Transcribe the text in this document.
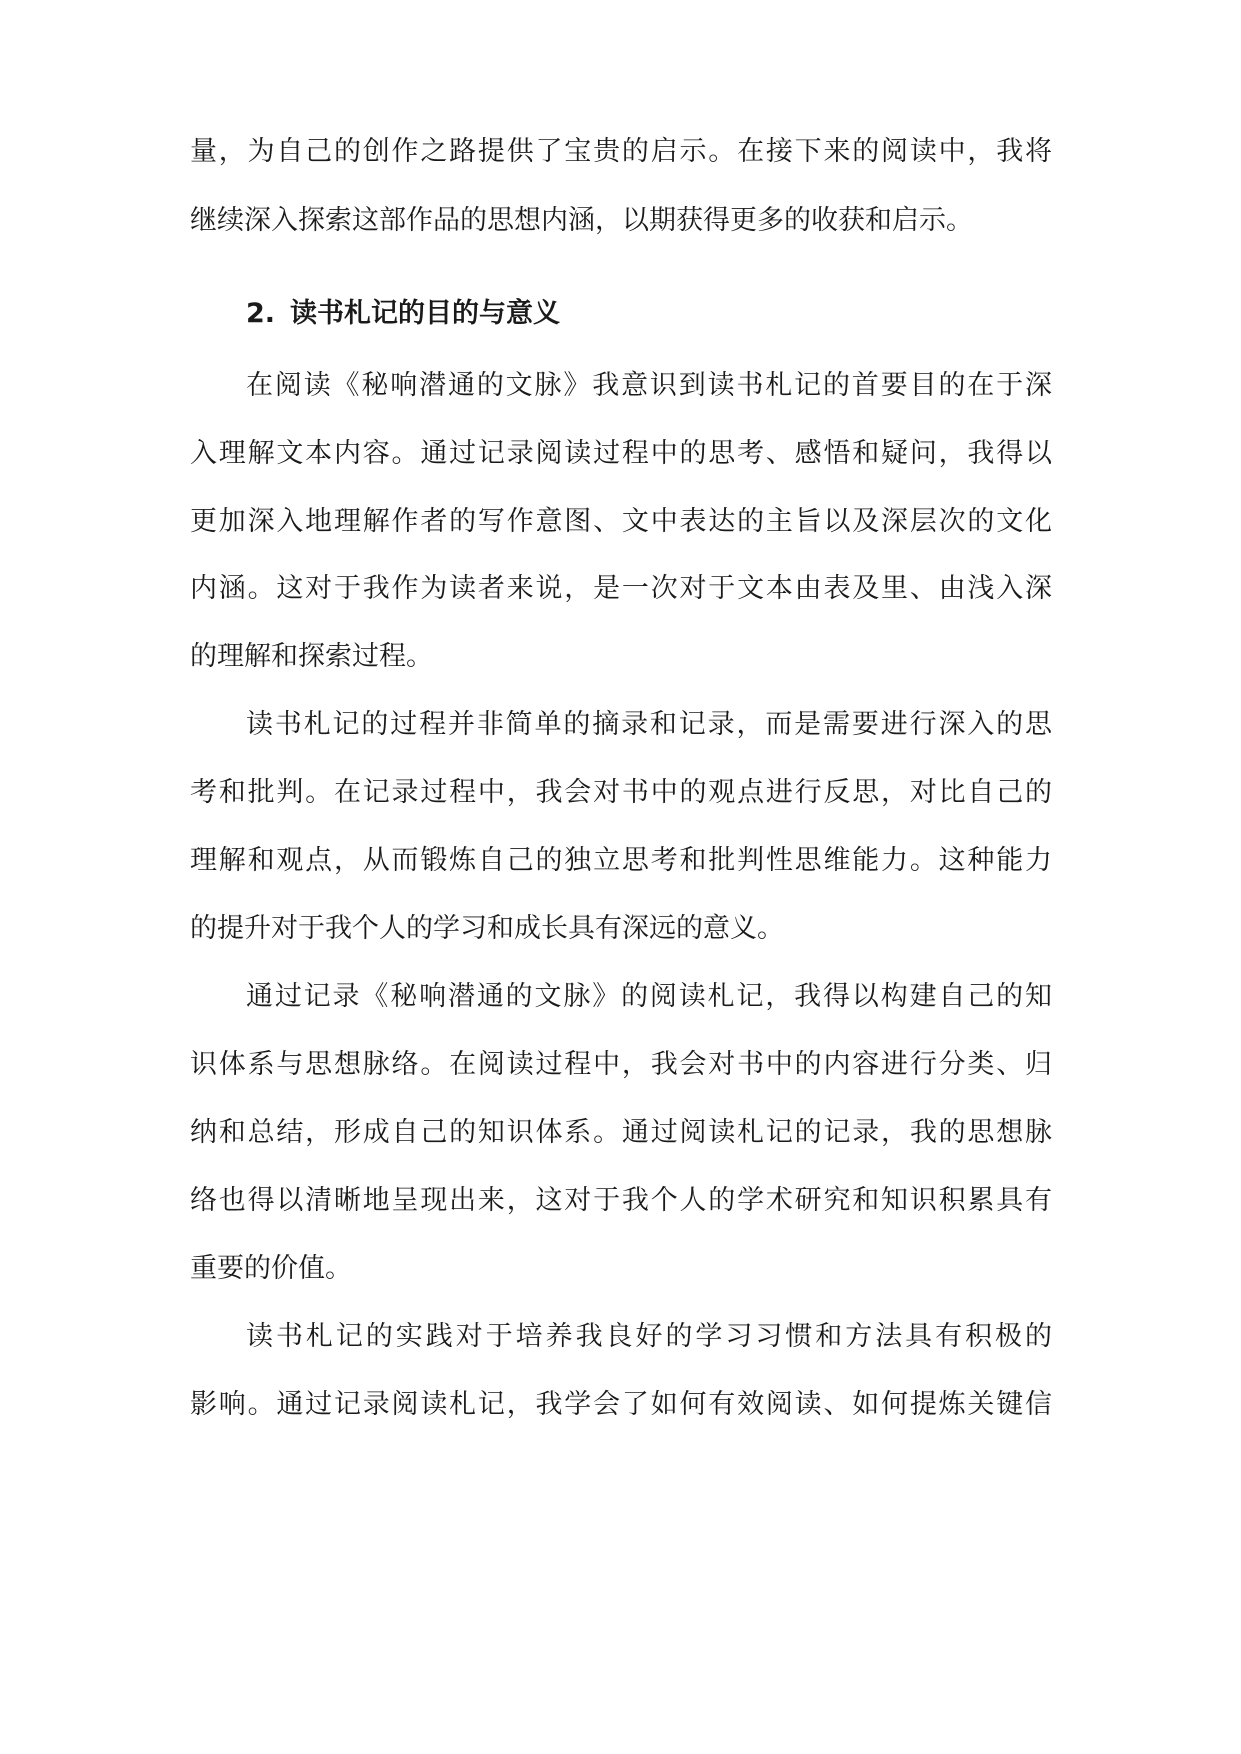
量，为自己的创作之路提供了宝贵的启示。在接下来的阅读中，我将
继续深入探索这部作品的思想内涵，以期获得更多的收获和启示。
2. 读书札记的目的与意义
在阅读《秘响潜通的文脉》我意识到读书札记的首要目的在于深
入理解文本内容。通过记录阅读过程中的思考、感悟和疑问，我得以
更加深入地理解作者的写作意图、文中表达的主旨以及深层次的文化
内涵。这对于我作为读者来说，是一次对于文本由表及里、由浅入深
的理解和探索过程。
读书札记的过程并非简单的摘录和记录，而是需要进行深入的思
考和批判。在记录过程中，我会对书中的观点进行反思，对比自己的
理解和观点，从而锻炼自己的独立思考和批判性思维能力。这种能力
的提升对于我个人的学习和成长具有深远的意义。
通过记录《秘响潜通的文脉》的阅读札记，我得以构建自己的知
识体系与思想脉络。在阅读过程中，我会对书中的内容进行分类、归
纳和总结，形成自己的知识体系。通过阅读札记的记录，我的思想脉
络也得以清晰地呈现出来，这对于我个人的学术研究和知识积累具有
重要的价值。
读书札记的实践对于培养我良好的学习习惯和方法具有积极的
影响。通过记录阅读札记，我学会了如何有效阅读、如何提炼关键信
